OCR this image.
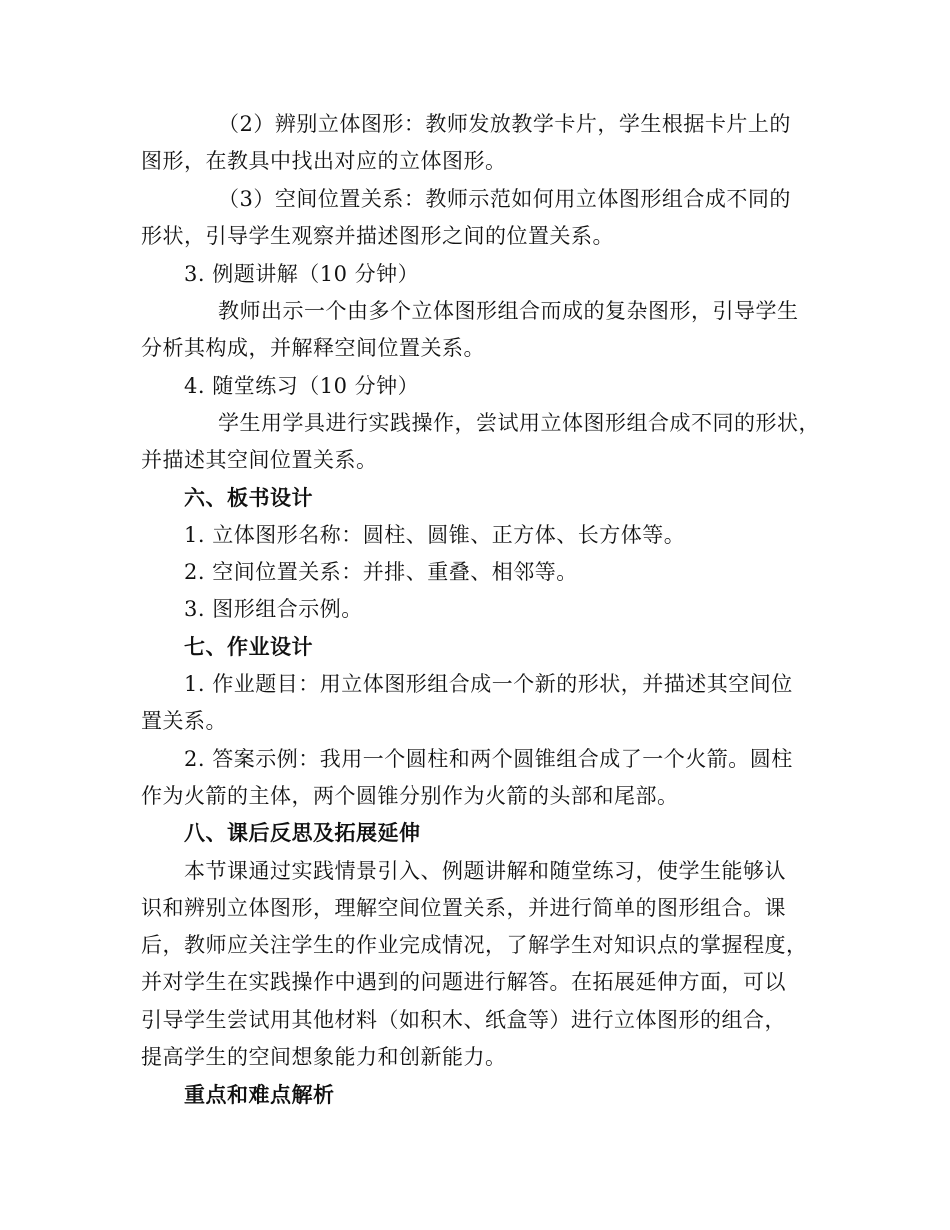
（2）辨别立体图形：教师发放教学卡片，学生根据卡片上的
图形，在教具中找出对应的立体图形。
（3）空间位置关系：教师示范如何用立体图形组合成不同的
形状，引导学生观察并描述图形之间的位置关系。
3. 例题讲解（10 分钟）
教师出示一个由多个立体图形组合而成的复杂图形，引导学生
分析其构成，并解释空间位置关系。
4. 随堂练习（10 分钟）
学生用学具进行实践操作，尝试用立体图形组合成不同的形状，
并描述其空间位置关系。
六、板书设计
1. 立体图形名称：圆柱、圆锥、正方体、长方体等。
2. 空间位置关系：并排、重叠、相邻等。
3. 图形组合示例。
七、作业设计
1. 作业题目：用立体图形组合成一个新的形状，并描述其空间位
置关系。
2. 答案示例：我用一个圆柱和两个圆锥组合成了一个火箭。圆柱
作为火箭的主体，两个圆锥分别作为火箭的头部和尾部。
八、课后反思及拓展延伸
本节课通过实践情景引入、例题讲解和随堂练习，使学生能够认
识和辨别立体图形，理解空间位置关系，并进行简单的图形组合。课
后，教师应关注学生的作业完成情况，了解学生对知识点的掌握程度，
并对学生在实践操作中遇到的问题进行解答。在拓展延伸方面，可以
引导学生尝试用其他材料（如积木、纸盒等）进行立体图形的组合，
提高学生的空间想象能力和创新能力。
重点和难点解析
